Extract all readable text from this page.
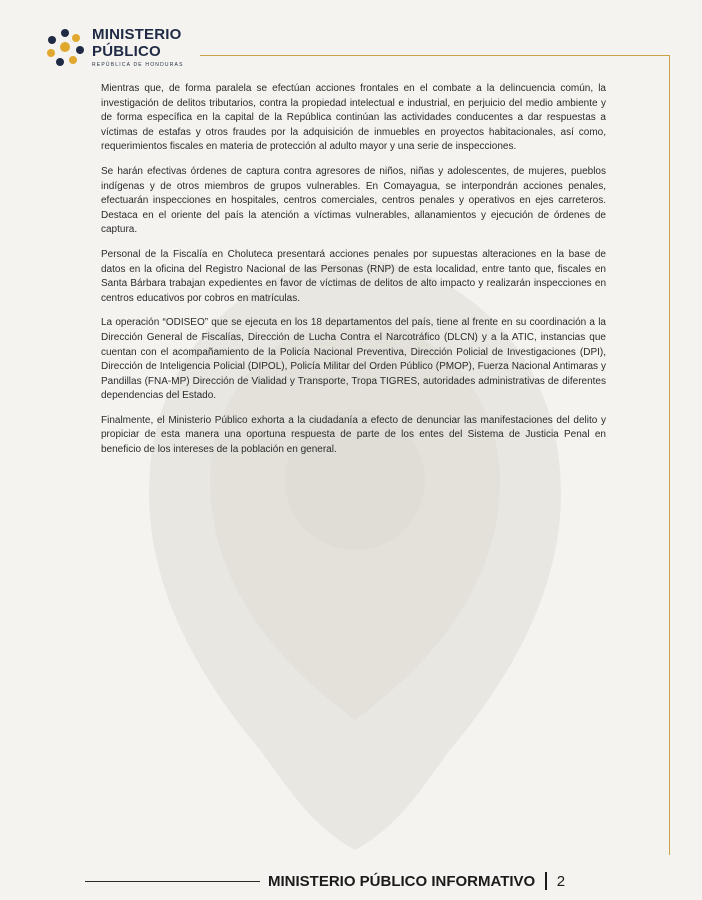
MINISTERIO
PÚBLICO
REPÚBLICA DE HONDURAS

Mientras que, de forma paralela se efectúan acciones frontales en el combate a la delincuencia común, la investigación de delitos tributarios, contra la propiedad intelectual e industrial, en perjuicio del medio ambiente y de forma específica en la capital de la República continúan las actividades conducentes a dar respuestas a víctimas de estafas y otros fraudes por la adquisición de inmuebles en proyectos habitacionales, así como, requerimientos fiscales en materia de protección al adulto mayor y una serie de inspecciones.

Se harán efectivas órdenes de captura contra agresores de niños, niñas y adolescentes, de mujeres, pueblos indígenas y de otros miembros de grupos vulnerables. En Comayagua, se interpondrán acciones penales, efectuarán inspecciones en hospitales, centros comerciales, centros penales y operativos en ejes carreteros. Destaca en el oriente del país la atención a víctimas vulnerables, allanamientos y ejecución de órdenes de captura.

Personal de la Fiscalía en Choluteca presentará acciones penales por supuestas alteraciones en la base de datos en la oficina del Registro Nacional de las Personas (RNP) de esta localidad, entre tanto que, fiscales en Santa Bárbara trabajan expedientes en favor de víctimas de delitos de alto impacto y realizarán inspecciones en centros educativos por cobros en matrículas.

La operación “ODISEO” que se ejecuta en los 18 departamentos del país, tiene al frente en su coordinación a la Dirección General de Fiscalías, Dirección de Lucha Contra el Narcotráfico (DLCN) y a la ATIC, instancias que cuentan con el acompañamiento de la Policía Nacional Preventiva, Dirección Policial de Investigaciones (DPI), Dirección de Inteligencia Policial (DIPOL), Policía Militar del Orden Público (PMOP), Fuerza Nacional Antimaras y Pandillas (FNA-MP) Dirección de Vialidad y Transporte, Tropa TIGRES, autoridades administrativas de diferentes dependencias del Estado.

Finalmente, el Ministerio Público exhorta a la ciudadanía a efecto de denunciar las manifestaciones del delito y propiciar de esta manera una oportuna respuesta de parte de los entes del Sistema de Justicia Penal en beneficio de los intereses de la población en general.

MINISTERIO PÚBLICO INFORMATIVO 2
